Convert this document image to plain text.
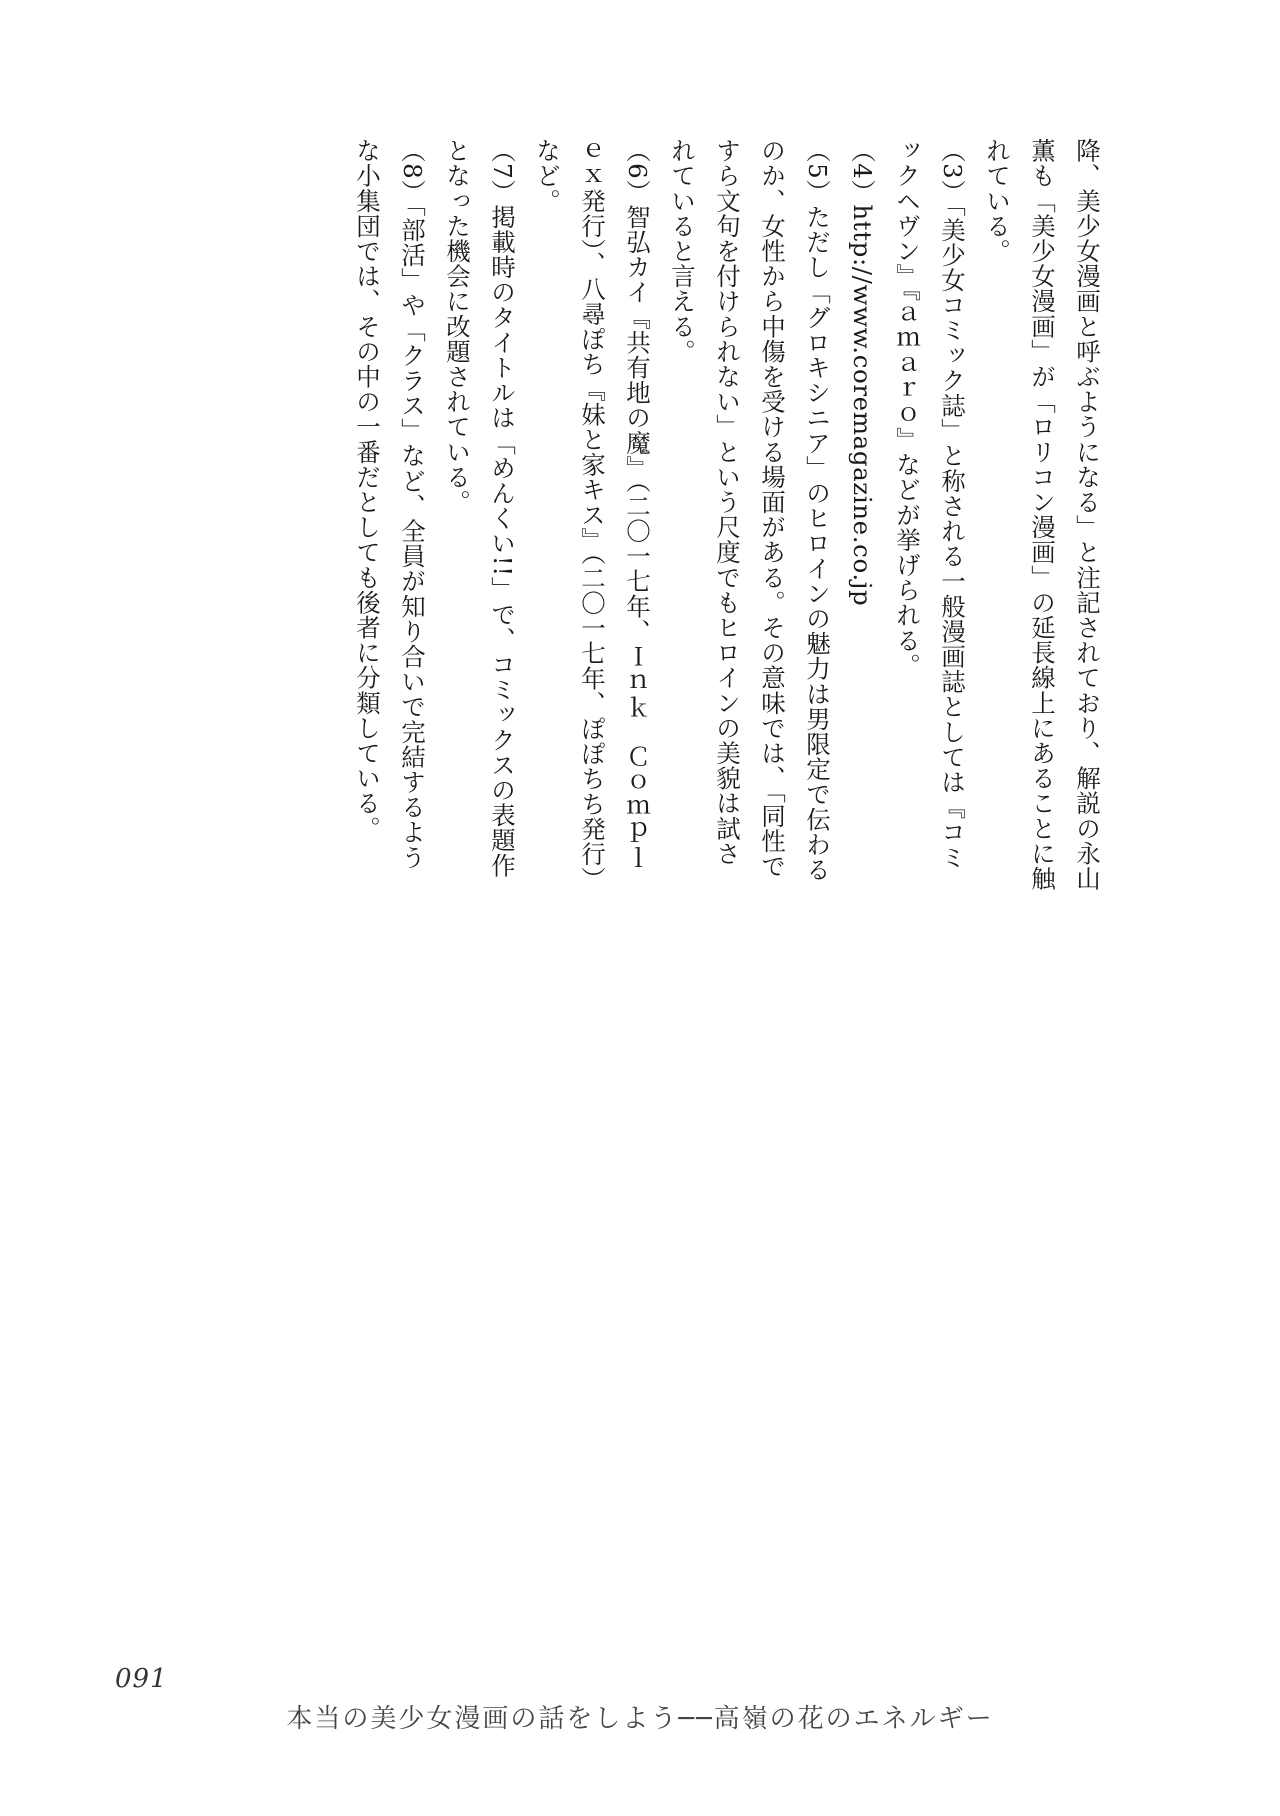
降、美少女漫画と呼ぶようになる」と注記されており、解説の永山
薫も「美少女漫画」が「ロリコン漫画」の延長線上にあることに触
れている。
（3）「美少女コミック誌」と称される一般漫画誌としては『コミ
ックヘヴン』『ａｍａｒｏ』などが挙げられる。
（4）http://www.coremagazine.co.jp
（5）ただし「グロキシニア」のヒロインの魅力は男限定で伝わる
のか、女性から中傷を受ける場面がある。その意味では、「同性で
すら文句を付けられない」という尺度でもヒロインの美貌は試さ
れていると言える。
（6）智弘カイ『共有地の魔』（二〇一七年、Ｉｎｋ　Ｃｏｍｐｌ
ｅｘ発行）、八尋ぽち『妹と家キス』（二〇一七年、ぽぽちち発行）
など。
（7）掲載時のタイトルは「めんくい!!」で、コミックスの表題作
となった機会に改題されている。
（8）「部活」や「クラス」など、全員が知り合いで完結するよう
な小集団では、その中の一番だとしても後者に分類している。
091
本当の美少女漫画の話をしよう──高嶺の花のエネルギー
